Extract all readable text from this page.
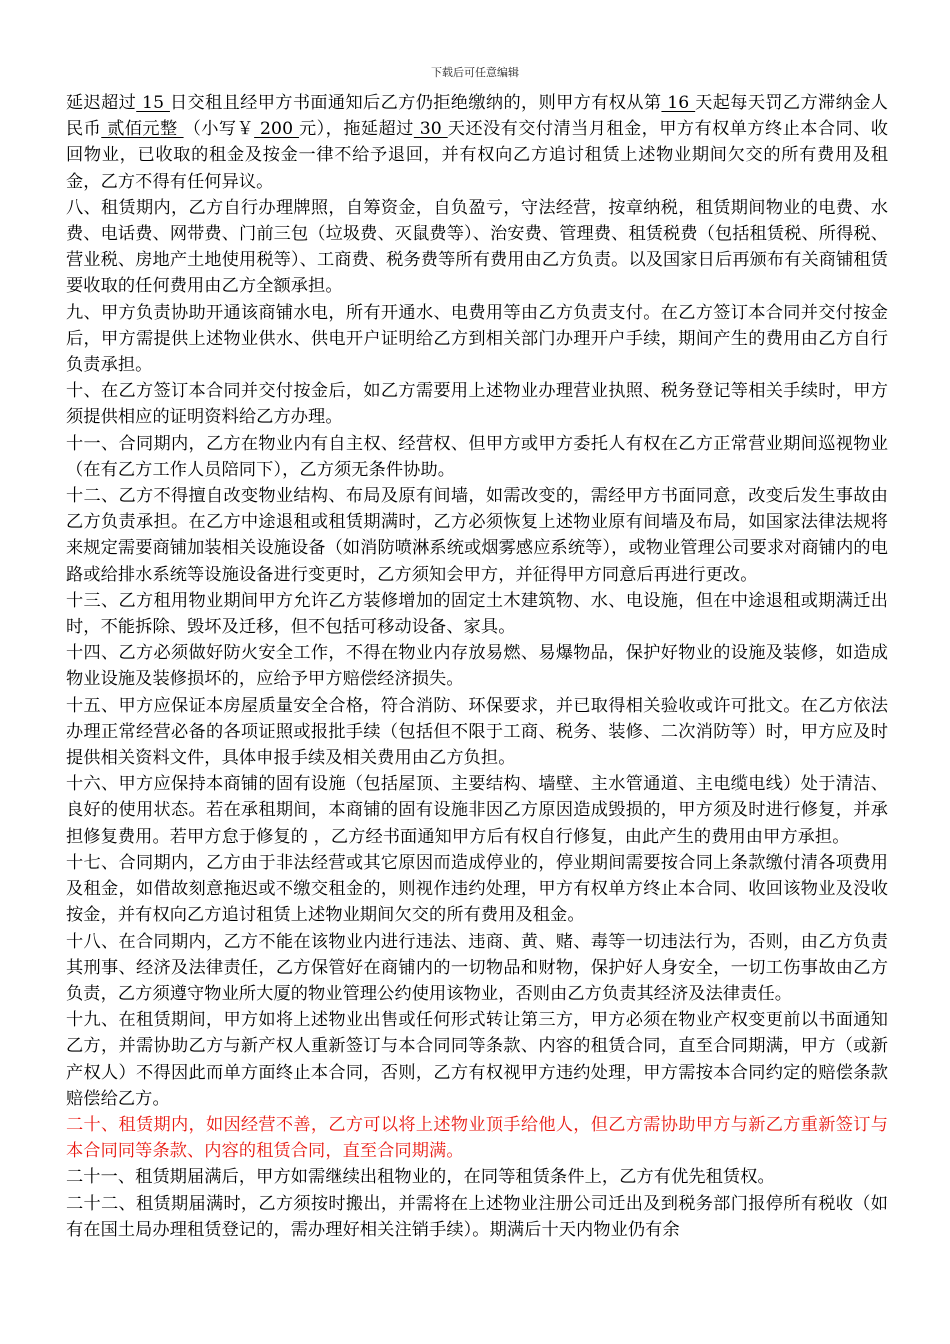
下载后可任意编辑

延迟超过 15 日交租且经甲方书面通知后乙方仍拒绝缴纳的，则甲方有权从第 16 天起每天罚乙方滞纳金人民币 贰佰元整 （小写￥ 200 元），拖延超过 30 天还没有交付清当月租金，甲方有权单方终止本合同、收回物业，已收取的租金及按金一律不给予退回，并有权向乙方追讨租赁上述物业期间欠交的所有费用及租金，乙方不得有任何异议。

八、租赁期内，乙方自行办理牌照，自筹资金，自负盈亏，守法经营，按章纳税，租赁期间物业的电费、水费、电话费、网带费、门前三包（垃圾费、灭鼠费等）、治安费、管理费、租赁税费（包括租赁税、所得税、营业税、房地产土地使用税等）、工商费、税务费等所有费用由乙方负责。以及国家日后再颁布有关商铺租赁要收取的任何费用由乙方全额承担。

九、甲方负责协助开通该商铺水电，所有开通水、电费用等由乙方负责支付。在乙方签订本合同并交付按金后，甲方需提供上述物业供水、供电开户证明给乙方到相关部门办理开户手续，期间产生的费用由乙方自行负责承担。

十、在乙方签订本合同并交付按金后，如乙方需要用上述物业办理营业执照、税务登记等相关手续时，甲方须提供相应的证明资料给乙方办理。

十一、合同期内，乙方在物业内有自主权、经营权、但甲方或甲方委托人有权在乙方正常营业期间巡视物业（在有乙方工作人员陪同下），乙方须无条件协助。

十二、乙方不得擅自改变物业结构、布局及原有间墙，如需改变的，需经甲方书面同意，改变后发生事故由乙方负责承担。在乙方中途退租或租赁期满时，乙方必须恢复上述物业原有间墙及布局，如国家法律法规将来规定需要商铺加装相关设施设备（如消防喷淋系统或烟雾感应系统等），或物业管理公司要求对商铺内的电路或给排水系统等设施设备进行变更时，乙方须知会甲方，并征得甲方同意后再进行更改。

十三、乙方租用物业期间甲方允许乙方装修增加的固定土木建筑物、水、电设施，但在中途退租或期满迁出时，不能拆除、毁坏及迁移，但不包括可移动设备、家具。

十四、乙方必须做好防火安全工作，不得在物业内存放易燃、易爆物品，保护好物业的设施及装修，如造成物业设施及装修损坏的，应给予甲方赔偿经济损失。

十五、甲方应保证本房屋质量安全合格，符合消防、环保要求，并已取得相关验收或许可批文。在乙方依法办理正常经营必备的各项证照或报批手续（包括但不限于工商、税务、装修、二次消防等）时，甲方应及时提供相关资料文件，具体申报手续及相关费用由乙方负担。

十六、甲方应保持本商铺的固有设施（包括屋顶、主要结构、墙壁、主水管通道、主电缆电线）处于清洁、良好的使用状态。若在承租期间，本商铺的固有设施非因乙方原因造成毁损的，甲方须及时进行修复，并承担修复费用。若甲方怠于修复的 ，乙方经书面通知甲方后有权自行修复，由此产生的费用由甲方承担。

十七、合同期内，乙方由于非法经营或其它原因而造成停业的，停业期间需要按合同上条款缴付清各项费用及租金，如借故刻意拖迟或不缴交租金的，则视作违约处理，甲方有权单方终止本合同、收回该物业及没收按金，并有权向乙方追讨租赁上述物业期间欠交的所有费用及租金。

十八、在合同期内，乙方不能在该物业内进行违法、违商、黄、赌、毒等一切违法行为，否则，由乙方负责其刑事、经济及法律责任，乙方保管好在商铺内的一切物品和财物，保护好人身安全，一切工伤事故由乙方负责，乙方须遵守物业所大厦的物业管理公约使用该物业，否则由乙方负责其经济及法律责任。

十九、在租赁期间，甲方如将上述物业出售或任何形式转让第三方，甲方必须在物业产权变更前以书面通知乙方，并需协助乙方与新产权人重新签订与本合同同等条款、内容的租赁合同，直至合同期满，甲方（或新产权人）不得因此而单方面终止本合同，否则，乙方有权视甲方违约处理，甲方需按本合同约定的赔偿条款赔偿给乙方。

二十、租赁期内，如因经营不善，乙方可以将上述物业顶手给他人，但乙方需协助甲方与新乙方重新签订与本合同同等条款、内容的租赁合同，直至合同期满。

二十一、租赁期届满后，甲方如需继续出租物业的，在同等租赁条件上，乙方有优先租赁权。

二十二、租赁期届满时，乙方须按时搬出，并需将在上述物业注册公司迁出及到税务部门报停所有税收（如有在国土局办理租赁登记的，需办理好相关注销手续）。期满后十天内物业仍有余
